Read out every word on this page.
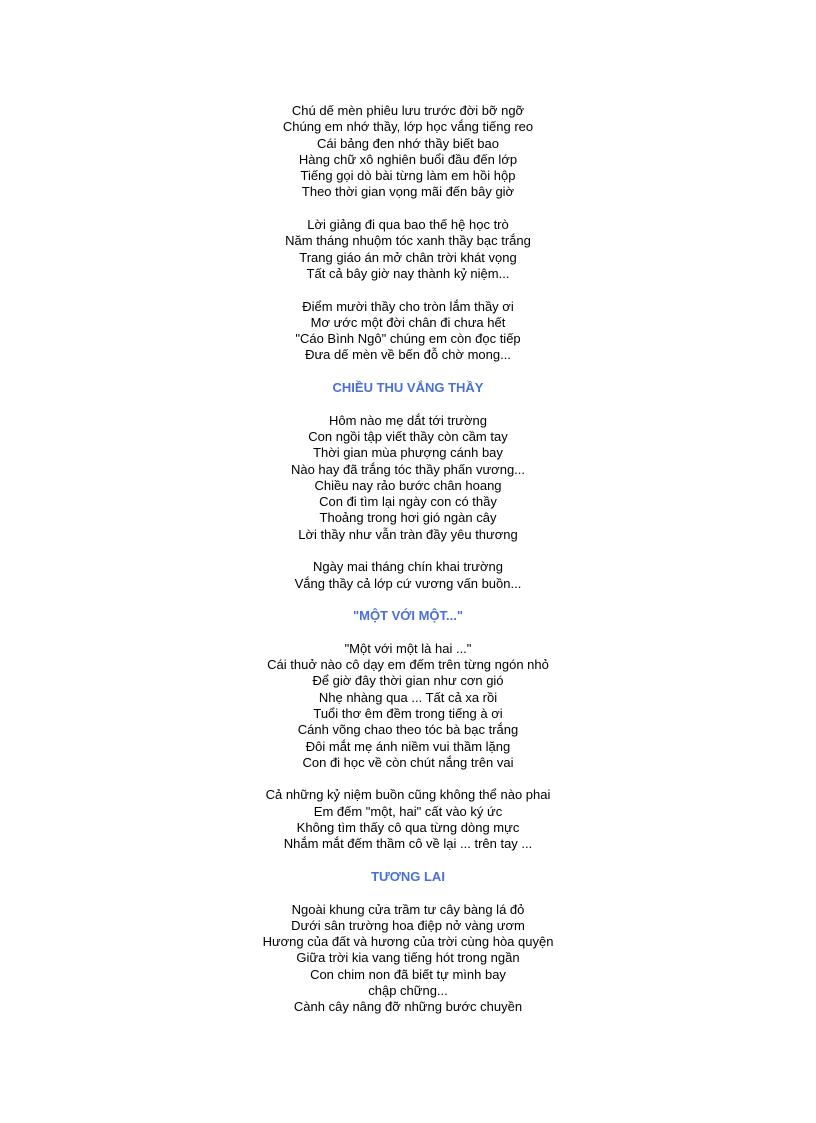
Chú dế mèn phiêu lưu trước đời bỡ ngỡ
Chúng em nhớ thầy, lớp học vắng tiếng reo
Cái bảng đen nhớ thầy biết bao
Hàng chữ xô nghiên buổi đầu đến lớp
Tiếng gọi dò bài từng làm em hồi hộp
Theo thời gian vọng mãi đến bây giờ
Lời giảng đi qua bao thế hệ học trò
Năm tháng nhuộm tóc xanh thầy bạc trắng
Trang giáo án mở chân trời khát vọng
Tất cả bây giờ nay thành kỷ niệm...
Điểm mười thầy cho tròn lắm thầy ơi
Mơ ước một đời chân đi chưa hết
"Cáo Bình Ngô" chúng em còn đọc tiếp
Đưa dế mèn về bến đỗ chờ mong...
CHIỀU THU VẮNG THẦY
Hôm nào mẹ dắt tới trường
Con ngồi tập viết thầy còn cầm tay
Thời gian mùa phượng cánh bay
Nào hay đã trắng tóc thầy phấn vương...
Chiều nay rảo bước chân hoang
Con đi tìm lại ngày con có thầy
Thoảng trong hơi gió ngàn cây
Lời thầy như vẫn tràn đầy yêu thương
Ngày mai tháng chín khai trường
Vắng thầy cả lớp cứ vương vấn buồn...
"MỘT VỚI MỘT..."
"Một với một là hai ..."
Cái thuở nào cô dạy em đếm trên từng ngón nhỏ
Để giờ đây thời gian như cơn gió
Nhẹ nhàng qua ... Tất cả xa rồi
Tuổi thơ êm đềm trong tiếng à ơi
Cánh võng chao theo tóc bà bạc trắng
Đôi mắt mẹ ánh niềm vui thầm lặng
Con đi học về còn chút nắng trên vai
Cả những kỷ niệm buồn cũng không thể nào phai
Em đếm "một, hai" cất vào ký ức
Không tìm thấy cô qua từng dòng mực
Nhắm mắt đếm thầm cô về lại ... trên tay ...
TƯƠNG LAI
Ngoài khung cửa trầm tư cây bàng lá đỏ
Dưới sân trường hoa điệp nở vàng ươm
Hương của đất và hương của trời cùng hòa quyện
Giữa trời kia vang tiếng hót trong ngần
Con chim non đã biết tự mình bay
chập chững...
Cành cây nâng đỡ những bước chuyền
